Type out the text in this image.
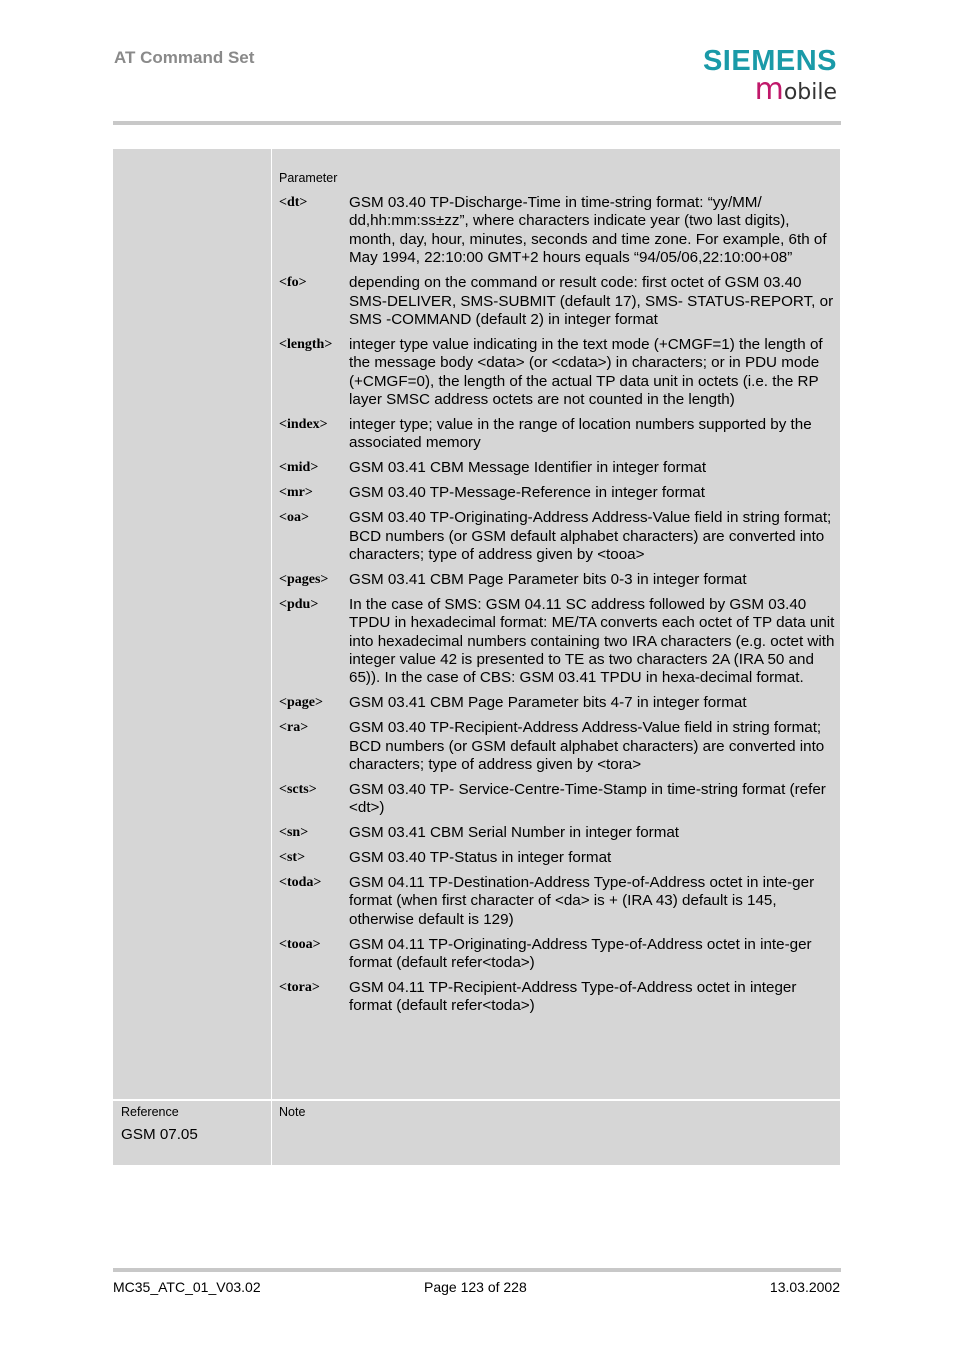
AT Command Set	SIEMENS
mobile
Parameter
<dt>	GSM 03.40 TP-Discharge-Time in time-string format: “yy/MM/ dd,hh:mm:ss±zz”, where characters indicate year (two last digits), month, day, hour, minutes, seconds and time zone. For example, 6th of May 1994, 22:10:00 GMT+2 hours equals “94/05/06,22:10:00+08”
<fo>	depending on the command or result code: first octet of GSM 03.40 SMS-DELIVER, SMS-SUBMIT (default 17), SMS- STATUS-REPORT, or SMS -COMMAND (default 2) in integer format
<length>	integer type value indicating in the text mode (+CMGF=1) the length of the message body <data> (or <cdata>) in characters; or in PDU mode (+CMGF=0), the length of the actual TP data unit in octets (i.e. the RP layer SMSC address octets are not counted in the length)
<index>	integer type; value in the range of location numbers supported by the associated memory
<mid>	GSM 03.41 CBM Message Identifier in integer format
<mr>	GSM 03.40 TP-Message-Reference in integer format
<oa>	GSM 03.40 TP-Originating-Address Address-Value field in string format; BCD numbers (or GSM default alphabet characters) are converted into characters; type of address given by <tooa>
<pages>	GSM 03.41 CBM Page Parameter bits 0-3 in integer format
<pdu>	In the case of SMS: GSM 04.11 SC address followed by GSM 03.40 TPDU in hexadecimal format: ME/TA converts each octet of TP data unit into hexadecimal numbers containing two IRA characters (e.g. octet with integer value 42 is presented to TE as two characters 2A (IRA 50 and 65)). In the case of CBS: GSM 03.41 TPDU in hexa-decimal format.
<page>	GSM 03.41 CBM Page Parameter bits 4-7 in integer format
<ra>	GSM 03.40 TP-Recipient-Address Address-Value field in string format; BCD numbers (or GSM default alphabet characters) are converted into characters; type of address given by <tora>
<scts>	GSM 03.40 TP- Service-Centre-Time-Stamp in time-string format (refer <dt>)
<sn>	GSM 03.41 CBM Serial Number in integer format
<st>	GSM 03.40 TP-Status in integer format
<toda>	GSM 04.11 TP-Destination-Address Type-of-Address octet in inte-ger format (when first character of <da> is + (IRA 43) default is 145, otherwise default is 129)
<tooa>	GSM 04.11 TP-Originating-Address Type-of-Address octet in inte-ger format (default refer<toda>)
<tora>	GSM 04.11 TP-Recipient-Address Type-of-Address octet in integer format (default refer<toda>)
Reference
GSM 07.05
Note
MC35_ATC_01_V03.02	Page 123 of 228	13.03.2002
